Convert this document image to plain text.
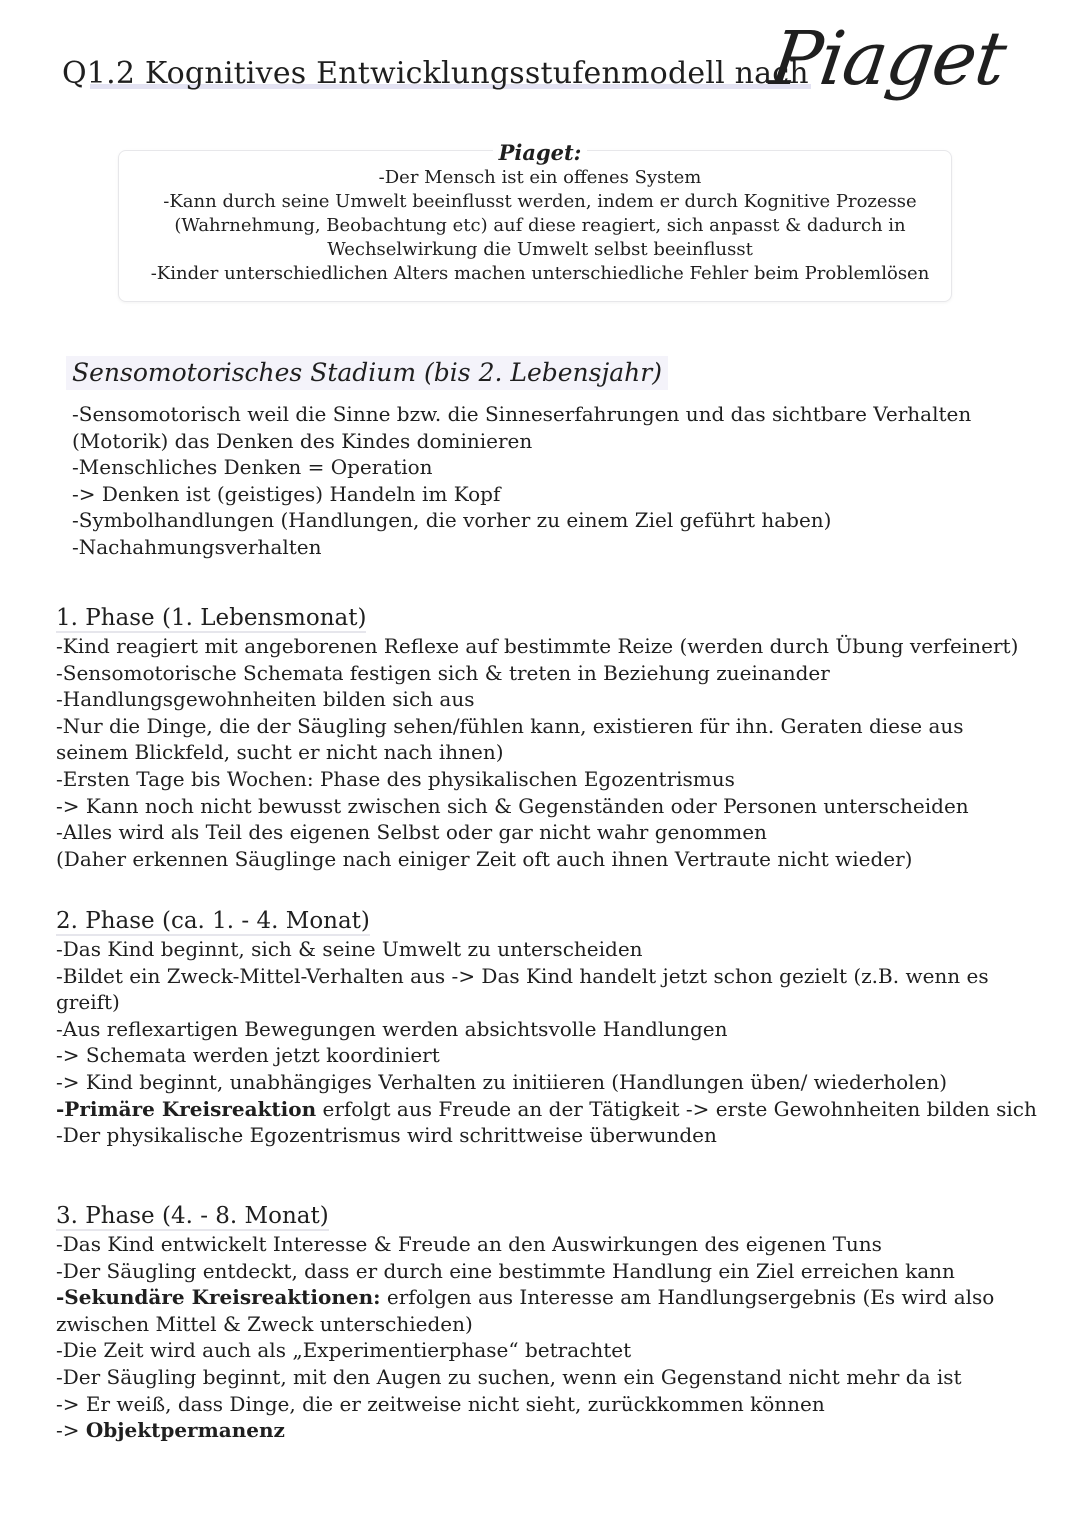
Q1.2 Kognitives Entwicklungsstufenmodell nach
Piaget
Piaget:
-Der Mensch ist ein offenes System
-Kann durch seine Umwelt beeinflusst werden, indem er durch Kognitive Prozesse
(Wahrnehmung, Beobachtung etc) auf diese reagiert, sich anpasst & dadurch in
Wechselwirkung die Umwelt selbst beeinflusst
-Kinder unterschiedlichen Alters machen unterschiedliche Fehler beim Problemlösen
Sensomotorisches Stadium (bis 2. Lebensjahr)
-Sensomotorisch weil die Sinne bzw. die Sinneserfahrungen und das sichtbare Verhalten
(Motorik) das Denken des Kindes dominieren
-Menschliches Denken = Operation
-> Denken ist (geistiges) Handeln im Kopf
-Symbolhandlungen (Handlungen, die vorher zu einem Ziel geführt haben)
-Nachahmungsverhalten
1. Phase (1. Lebensmonat)
-Kind reagiert mit angeborenen Reflexe auf bestimmte Reize (werden durch Übung verfeinert)
-Sensomotorische Schemata festigen sich & treten in Beziehung zueinander
-Handlungsgewohnheiten bilden sich aus
-Nur die Dinge, die der Säugling sehen/fühlen kann, existieren für ihn. Geraten diese aus
seinem Blickfeld, sucht er nicht nach ihnen)
-Ersten Tage bis Wochen: Phase des physikalischen Egozentrismus
-> Kann noch nicht bewusst zwischen sich & Gegenständen oder Personen unterscheiden
-Alles wird als Teil des eigenen Selbst oder gar nicht wahr genommen
(Daher erkennen Säuglinge nach einiger Zeit oft auch ihnen Vertraute nicht wieder)
2. Phase (ca. 1. - 4. Monat)
-Das Kind beginnt, sich & seine Umwelt zu unterscheiden
-Bildet ein Zweck-Mittel-Verhalten aus -> Das Kind handelt jetzt schon gezielt (z.B. wenn es
greift)
-Aus reflexartigen Bewegungen werden absichtsvolle Handlungen
-> Schemata werden jetzt koordiniert
-> Kind beginnt, unabhängiges Verhalten zu initiieren (Handlungen üben/ wiederholen)
-Primäre Kreisreaktion erfolgt aus Freude an der Tätigkeit -> erste Gewohnheiten bilden sich
-Der physikalische Egozentrismus wird schrittweise überwunden
3. Phase (4. - 8. Monat)
-Das Kind entwickelt Interesse & Freude an den Auswirkungen des eigenen Tuns
-Der Säugling entdeckt, dass er durch eine bestimmte Handlung ein Ziel erreichen kann
-Sekundäre Kreisreaktionen: erfolgen aus Interesse am Handlungsergebnis (Es wird also
zwischen Mittel & Zweck unterschieden)
-Die Zeit wird auch als „Experimentierphase“ betrachtet
-Der Säugling beginnt, mit den Augen zu suchen, wenn ein Gegenstand nicht mehr da ist
-> Er weiß, dass Dinge, die er zeitweise nicht sieht, zurückkommen können
-> Objektpermanenz
